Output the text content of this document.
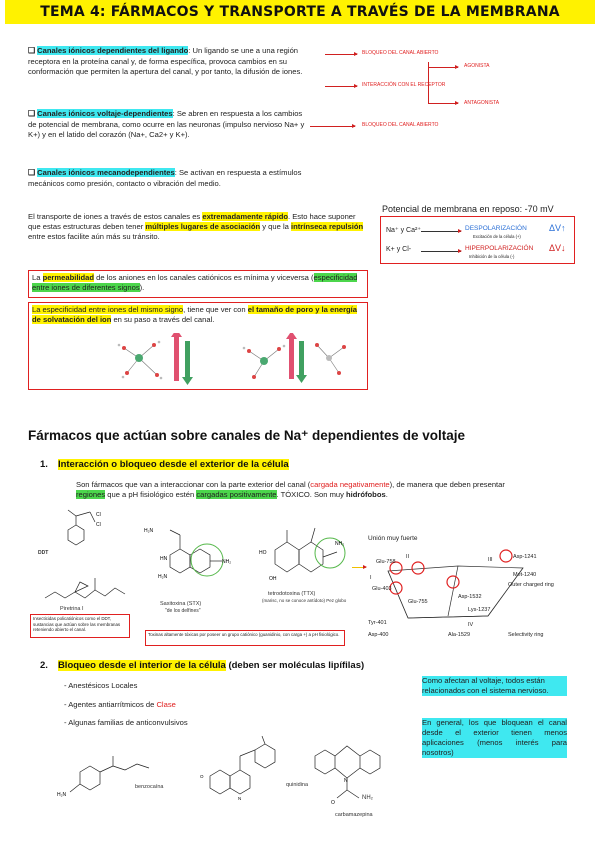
TEMA 4: FÁRMACOS Y TRANSPORTE A TRAVÉS DE LA MEMBRANA
❑ Canales iónicos dependientes del ligando: Un ligando se une a una región receptora en la proteína canal y, de forma específica, provoca cambios en su conformación que permiten la apertura del canal, y por tanto, la difusión de iones.
❑ Canales iónicos voltaje-dependientes: Se abren en respuesta a los cambios de potencial de membrana, como ocurre en las neuronas (impulso nervioso Na+ y K+) y en el latido del corazón (Na+, Ca2+ y K+).
❑ Canales iónicos mecanodependientes: Se activan en respuesta a estímulos mecánicos como presión, contacto o vibración del medio.
BLOQUEO DEL CANAL ABIERTO
AGONISTA
INTERACCIÓN CON EL RECEPTOR
ANTAGONISTA
BLOQUEO DEL CANAL ABIERTO
El transporte de iones a través de estos canales es extremadamente rápido. Esto hace suponer que estas estructuras deben tener múltiples lugares de asociación y que la intrínseca repulsión entre estos facilite aún más su tránsito.
Potencial de membrana en reposo: -70 mV
Na⁺ y Ca²⁺	DESPOLARIZACIÓN
Excitación de la célula (+)
ΔV↑
K+ y Cl-	HIPERPOLARIZACIÓN
Inhibición de la célula (-)
ΔV↓
La permeabilidad de los aniones en los canales catiónicos es mínima y viceversa (especificidad entre iones de diferentes signos).
La especificidad entre iones del mismo signo, tiene que ver con el tamaño de poro y la energía de solvatación del ion en su paso a través del canal.
Fármacos que actúan sobre canales de Na⁺ dependientes de voltaje
1. Interacción o bloqueo desde el exterior de la célula
Son fármacos que van a interaccionar con la parte exterior del canal (cargada negativamente), de manera que deben presentar regiones que a pH fisiológico estén cargadas positivamente. TÓXICO. Son muy hidrófobos.
Cl
Cl
DDT
Piretrina I
Insecticidas policatiónicos como el DDT, sustancias que actúan sobre las membranas reteniendo abierto el canal.
H₂N
HN	NH₂
H₂N
Saxitoxina (STX)
"de los delfines"
HO
OH
NH₂
tetrodotoxina (TTX)
(marisc, no se conoce antídoto) Pez globo
Toxinas altamente tóxicas por poseer un grupo catiónico (guanidinio, con carga +) a pH fisiológico.
Unión muy fuerte
Asp-1241
Met-1240
Outer charged ring
Glu-758
Glu-403
Glu-755
Asp-1532
Lys-1237
Tyr-401
Asp-400	Ala-1529	Selectivity ring
I
II	III
IV
2. Bloqueo desde el interior de la célula (deben ser moléculas lipífilas)
- Anestésicos Locales
- Agentes antiarrítmicos de Clase
- Algunas familias de anticonvulsivos
Como afectan al voltaje, todos están relacionados con el sistema nervioso.
En general, los que bloquean el canal desde el exterior tienen menos aplicaciones (menos interés para nosotros)
H₂N
benzocaína
O
N
quinidina
N
O
NH₂
carbamazepina
